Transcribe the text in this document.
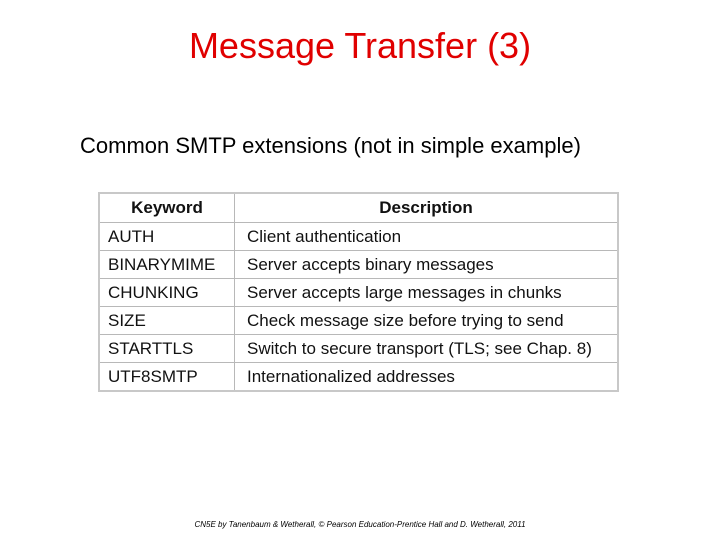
Message Transfer (3)
Common SMTP extensions (not in simple example)
Keyword	Description
AUTH	Client authentication
BINARYMIME	Server accepts binary messages
CHUNKING	Server accepts large messages in chunks
SIZE	Check message size before trying to send
STARTTLS	Switch to secure transport (TLS; see Chap. 8)
UTF8SMTP	Internationalized addresses
CN5E by Tanenbaum & Wetherall, © Pearson Education-Prentice Hall and D. Wetherall, 2011
